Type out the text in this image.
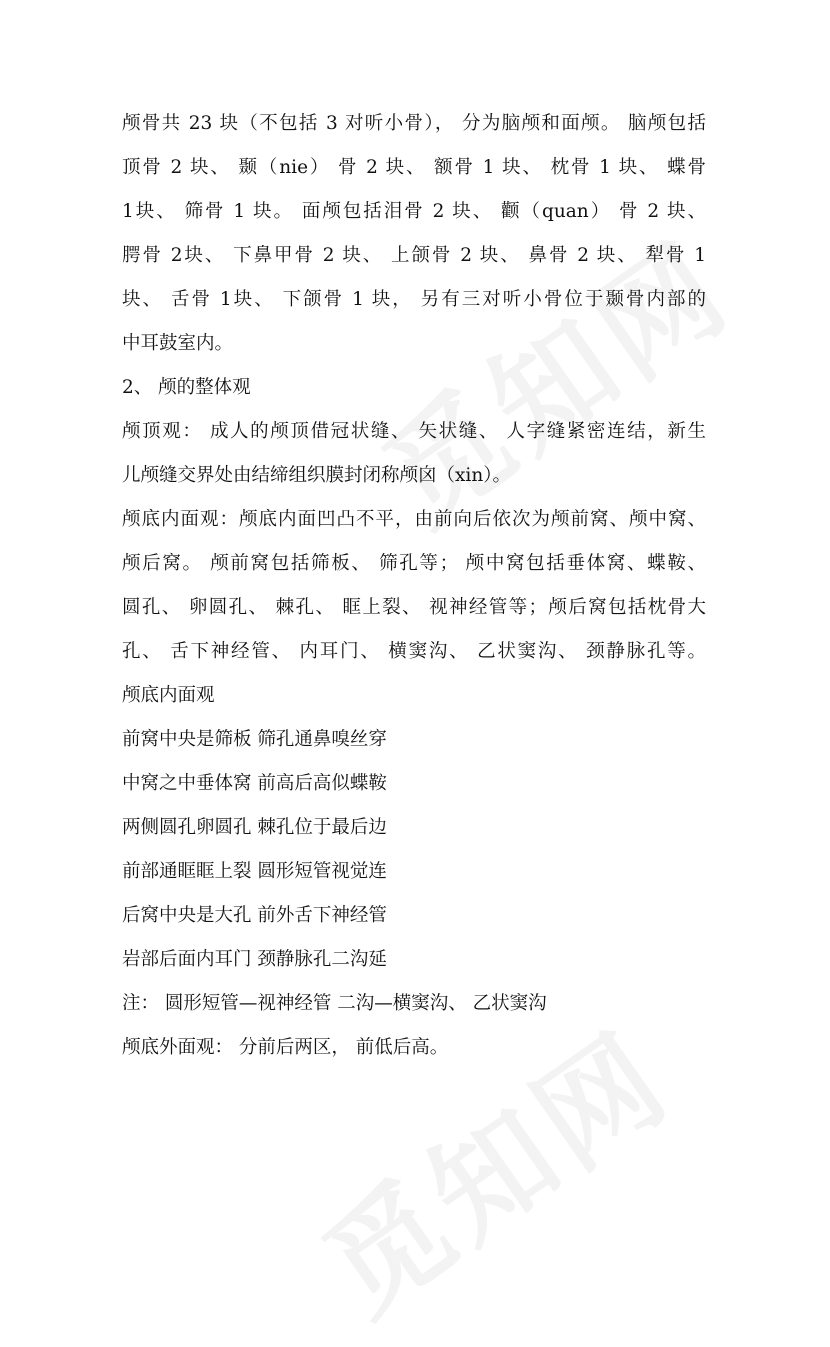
颅骨共 23 块（不包括 3 对听小骨）， 分为脑颅和面颅。 脑颅包括
顶骨 2 块、 颞（nie） 骨 2 块、 额骨 1 块、 枕骨 1 块、 蝶骨
1块、 筛骨 1 块。 面颅包括泪骨 2 块、 颧（quan） 骨 2 块、
腭骨 2块、 下鼻甲骨 2 块、 上颌骨 2 块、 鼻骨 2 块、 犁骨 1
块、 舌骨 1块、 下颌骨 1 块， 另有三对听小骨位于颞骨内部的
中耳鼓室内。
2、 颅的整体观
颅顶观： 成人的颅顶借冠状缝、 矢状缝、 人字缝紧密连结，新生
儿颅缝交界处由结缔组织膜封闭称颅囟（xin）。
颅底内面观：颅底内面凹凸不平，由前向后依次为颅前窝、颅中窝、
颅后窝。 颅前窝包括筛板、 筛孔等； 颅中窝包括垂体窝、蝶鞍、
圆孔、 卵圆孔、 棘孔、 眶上裂、 视神经管等；颅后窝包括枕骨大
孔、 舌下神经管、 内耳门、 横窦沟、 乙状窦沟、 颈静脉孔等。
颅底内面观
前窝中央是筛板 筛孔通鼻嗅丝穿
中窝之中垂体窝 前高后高似蝶鞍
两侧圆孔卵圆孔 棘孔位于最后边
前部通眶眶上裂 圆形短管视觉连
后窝中央是大孔 前外舌下神经管
岩部后面内耳门 颈静脉孔二沟延
注： 圆形短管—视神经管 二沟—横窦沟、 乙状窦沟
颅底外面观： 分前后两区， 前低后高。
